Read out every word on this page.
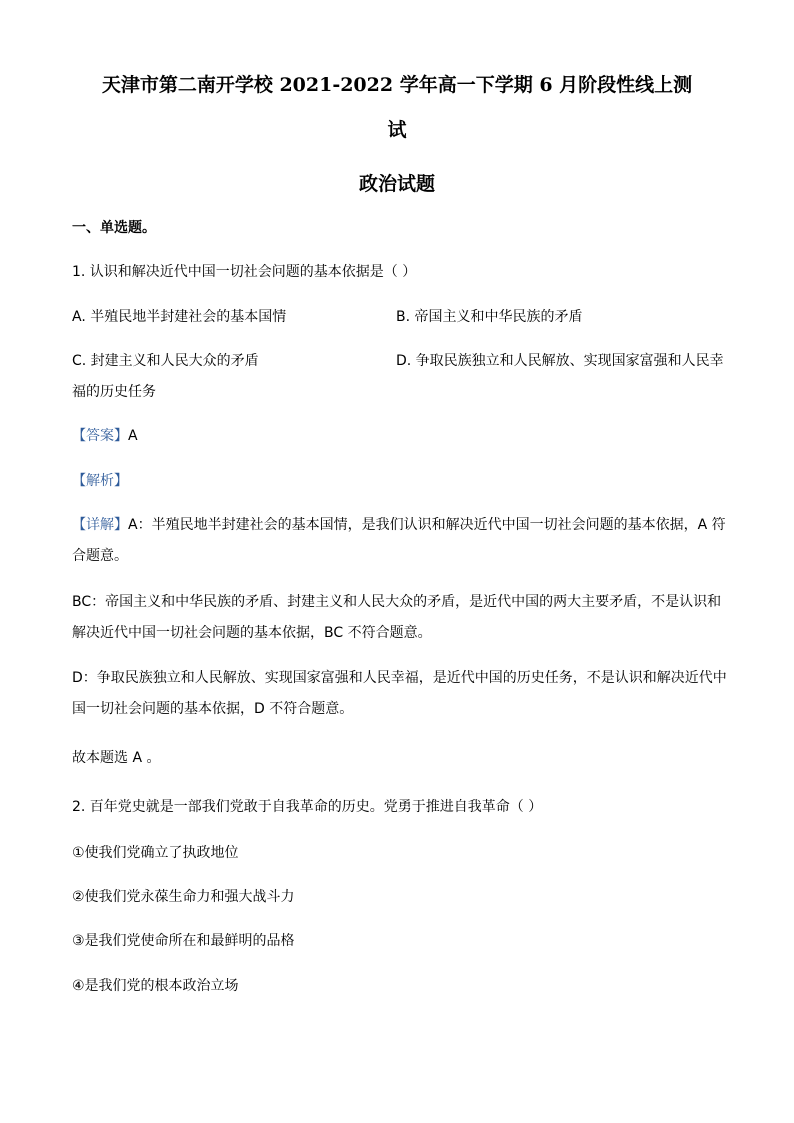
天津市第二南开学校 2021-2022 学年高一下学期 6 月阶段性线上测
试
政治试题
一、单选题。
1. 认识和解决近代中国一切社会问题的基本依据是（ ）
A. 半殖民地半封建社会的基本国情	B. 帝国主义和中华民族的矛盾
C. 封建主义和人民大众的矛盾	D. 争取民族独立和人民解放、实现国家富强和人民幸
福的历史任务
【答案】A
【解析】
【详解】A：半殖民地半封建社会的基本国情，是我们认识和解决近代中国一切社会问题的基本依据，A 符
合题意。
BC：帝国主义和中华民族的矛盾、封建主义和人民大众的矛盾，是近代中国的两大主要矛盾，不是认识和
解决近代中国一切社会问题的基本依据，BC 不符合题意。
D：争取民族独立和人民解放、实现国家富强和人民幸福，是近代中国的历史任务，不是认识和解决近代中
国一切社会问题的基本依据，D 不符合题意。
故本题选 A 。
2. 百年党史就是一部我们党敢于自我革命的历史。党勇于推进自我革命（ ）
①使我们党确立了执政地位
②使我们党永葆生命力和强大战斗力
③是我们党使命所在和最鲜明的品格
④是我们党的根本政治立场
